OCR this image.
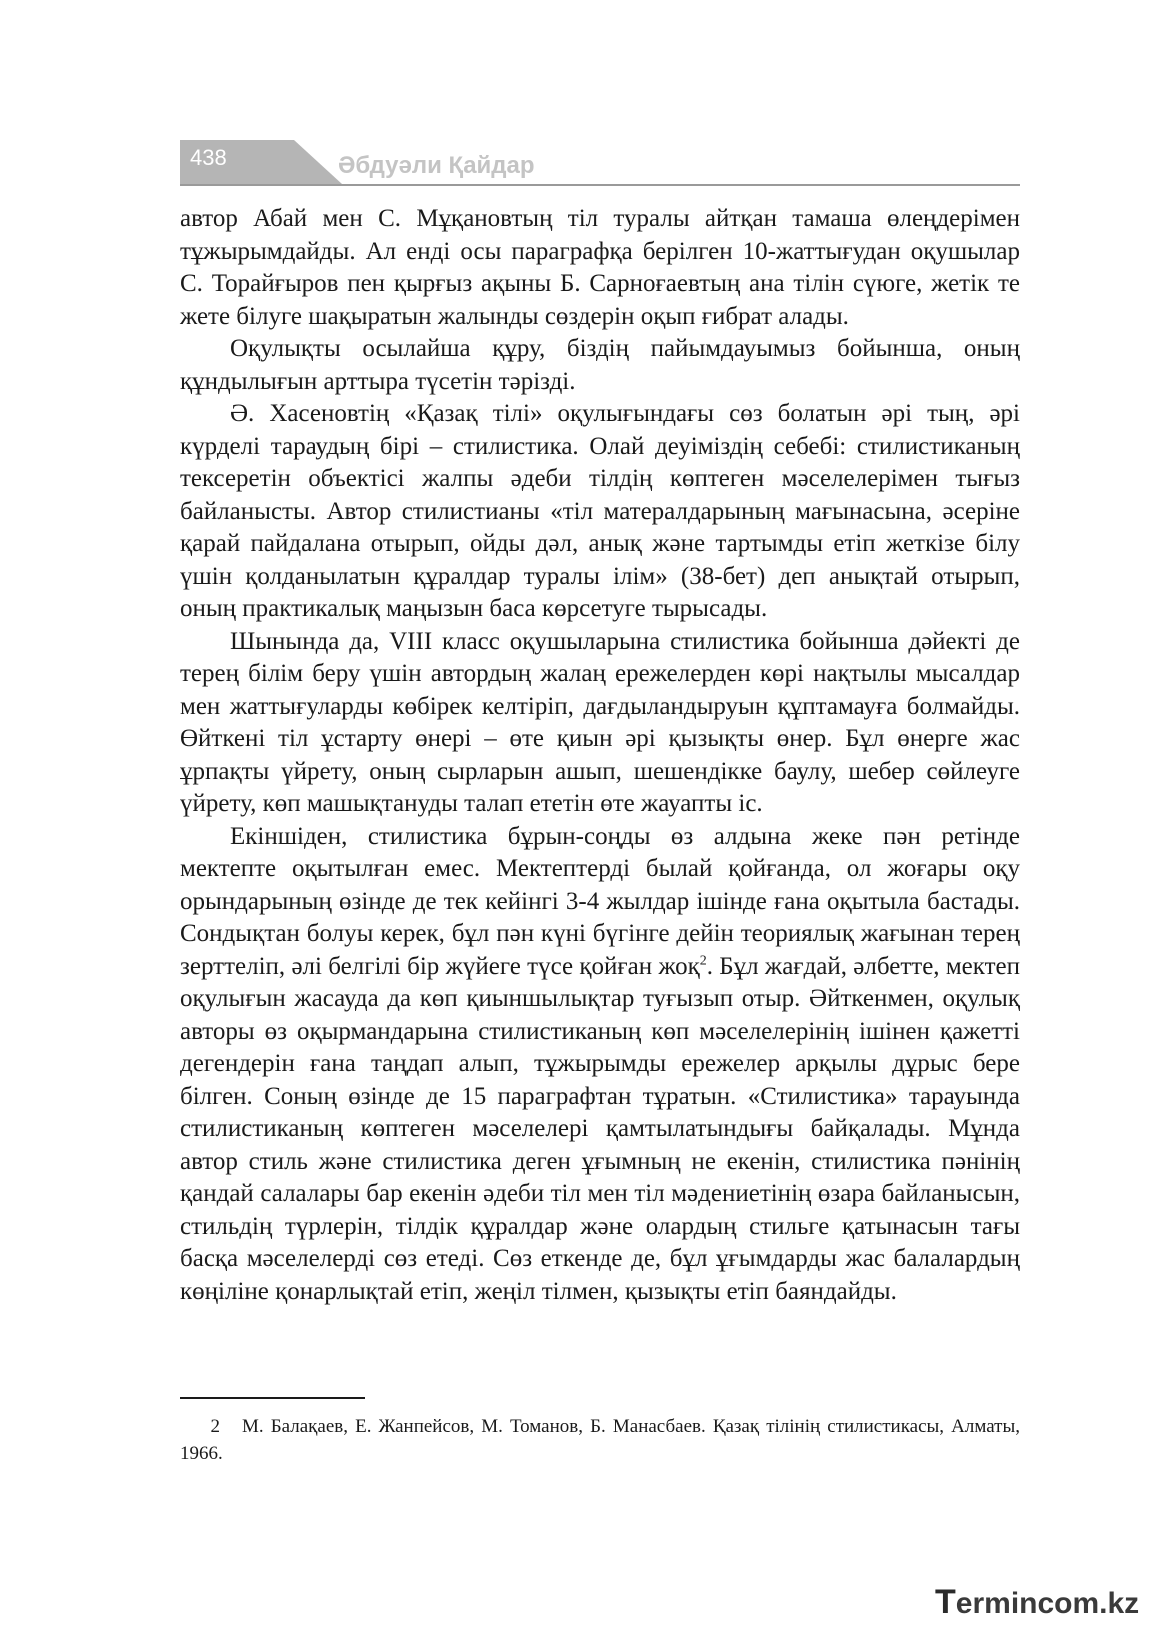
438	Әбдуәли Қайдар

автор Абай мен С. Мұқановтың тіл туралы айтқан тамаша өлеңдерімен тұжырымдайды. Ал енді осы параграфқа берілген 10-жаттығудан оқушылар С. Торайғыров пен қырғыз ақыны Б. Сарноғаевтың ана тілін сүюге, жетік те жете білуге шақыратын жалынды сөздерін оқып ғибрат алады.

Оқулықты осылайша құру, біздің пайымдауымыз бойынша, оның құндылығын арттыра түсетін тәрізді.

Ә. Хасеновтің «Қазақ тілі» оқулығындағы сөз болатын әрі тың, әрі күрделі тараудың бірі – стилистика. Олай деуіміздің себебі: стилистиканың тексеретін объектісі жалпы әдеби тілдің көптеген мәселелерімен тығыз байланысты. Автор стилистианы «тіл матералдарының мағынасына, әсеріне қарай пайдалана отырып, ойды дәл, анық және тартымды етіп жеткізе білу үшін қолданылатын құралдар туралы ілім» (38-бет) деп анықтай отырып, оның практикалық маңызын баса көрсетуге тырысады.

Шынында да, VIII класс оқушыларына стилистика бойынша дәйекті де терең білім беру үшін автордың жалаң ережелерден көрі нақтылы мысалдар мен жаттығуларды көбірек келтіріп, дағдыландыруын құптамауға болмайды. Өйткені тіл ұстарту өнері – өте қиын әрі қызықты өнер. Бұл өнерге жас ұрпақты үйрету, оның сырларын ашып, шешендікке баулу, шебер сөйлеуге үйрету, көп машықтануды талап ететін өте жауапты іс.

Екіншіден, стилистика бұрын-соңды өз алдына жеке пән ретінде мектепте оқытылған емес. Мектептерді былай қойғанда, ол жоғары оқу орындарының өзінде де тек кейінгі 3-4 жылдар ішінде ғана оқытыла бастады. Сондықтан болуы керек, бұл пән күні бүгінге дейін теориялық жағынан терең зерттеліп, әлі белгілі бір жүйеге түсе қойған жоқ$^2$. Бұл жағдай, әлбетте, мектеп оқулығын жасауда да көп қиыншылықтар туғызып отыр. Әйткенмен, оқулық авторы өз оқырмандарына стилистиканың көп мәселелерінің ішінен қажетті дегендерін ғана таңдап алып, тұжырымды ережелер арқылы дұрыс бере білген. Соның өзінде де 15 параграфтан тұратын. «Стилистика» тарауында стилистиканың көптеген мәселелері қамтылатындығы байқалады. Мұнда автор стиль және стилистика деген ұғымның не екенін, стилистика пәнінің қандай салалары бар екенін әдеби тіл мен тіл мәдениетінің өзара байланысын, стильдің түрлерін, тілдік құралдар және олардың стильге қатынасын тағы басқа мәселелерді сөз етеді. Сөз еткенде де, бұл ұғымдарды жас балалардың көңіліне қонарлықтай етіп, жеңіл тілмен, қызықты етіп баяндайды.

2 М. Балақаев, Е. Жанпейсов, М. Томанов, Б. Манасбаев. Қазақ тілінің стилистикасы, Алматы, 1966.
Termincom.kz
